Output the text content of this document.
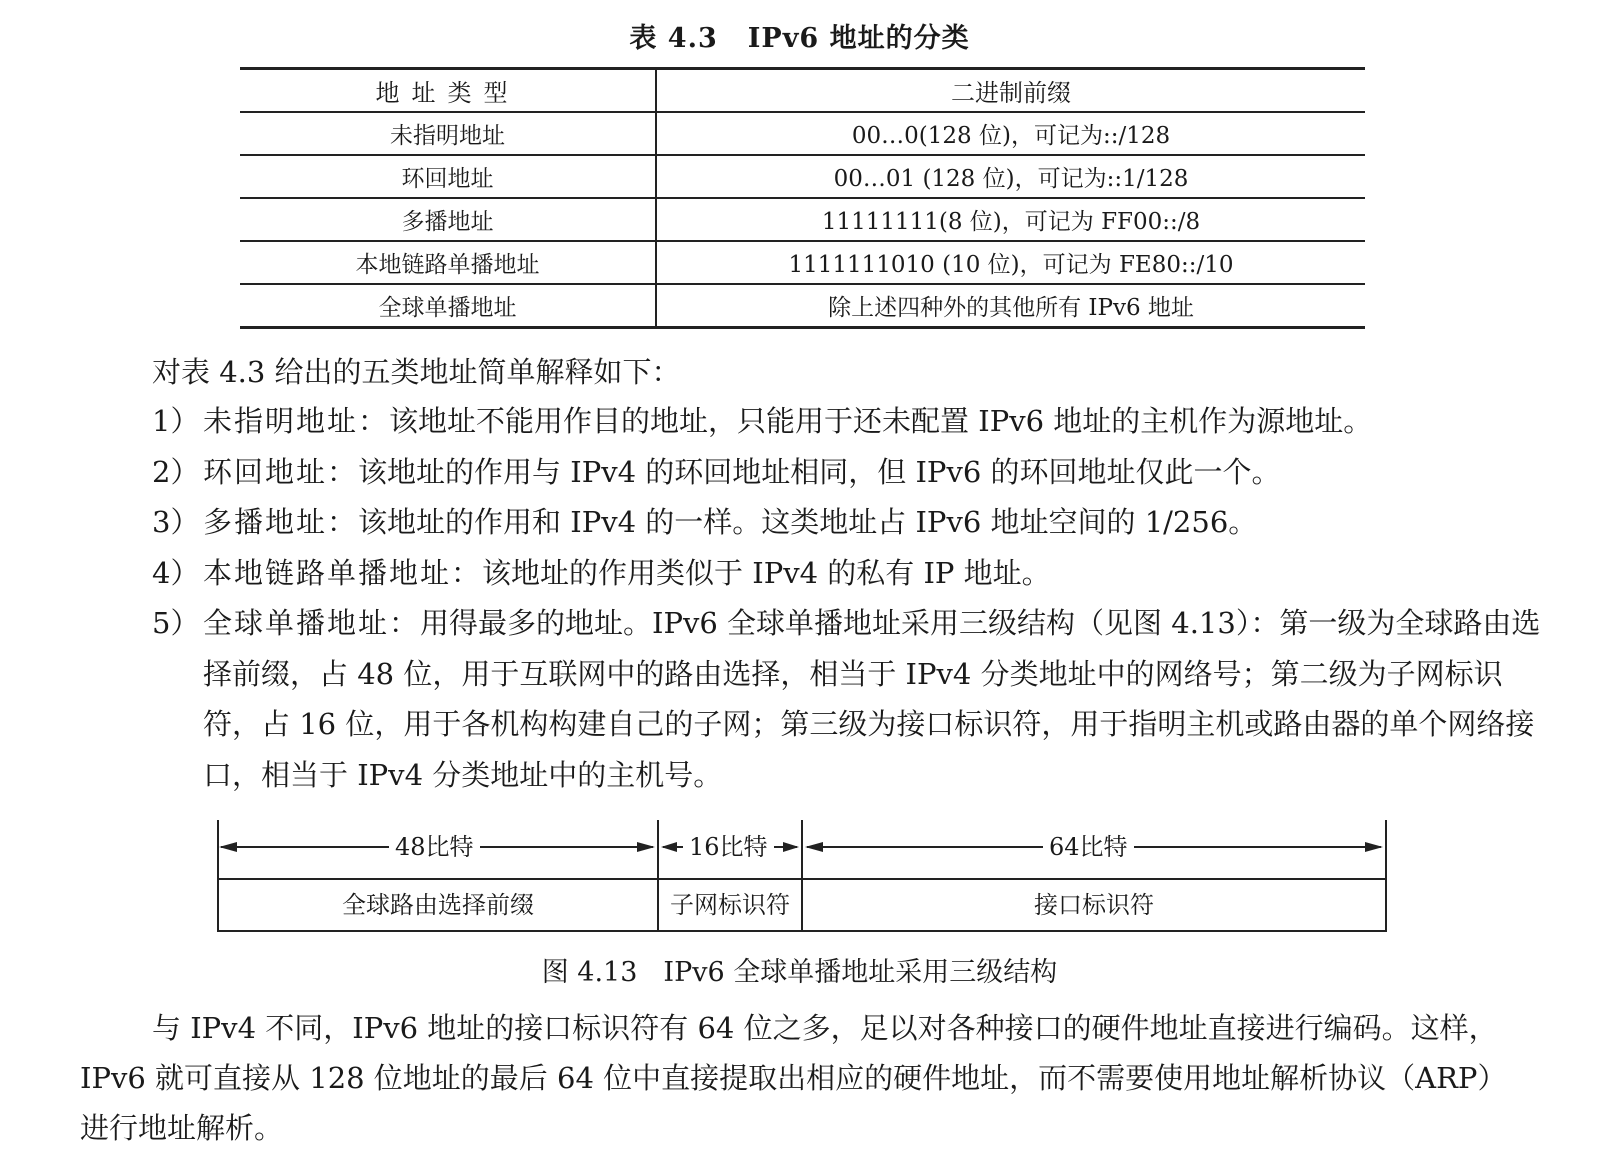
表 4.3 IPv6 地址的分类
地址类型	二进制前缀
未指明地址	00…0(128 位)，可记为::/128
环回地址	00…01 (128 位)，可记为::1/128
多播地址	11111111(8 位)，可记为 FF00::/8
本地链路单播地址	1111111010 (10 位)，可记为 FE80::/10
全球单播地址	除上述四种外的其他所有 IPv6 地址

对表 4.3 给出的五类地址简单解释如下：

1） 未指明地址：该地址不能用作目的地址，只能用于还未配置 IPv6 地址的主机作为源地址。
2） 环回地址：该地址的作用与 IPv4 的环回地址相同，但 IPv6 的环回地址仅此一个。
3） 多播地址：该地址的作用和 IPv4 的一样。这类地址占 IPv6 地址空间的 1/256。
4） 本地链路单播地址：该地址的作用类似于 IPv4 的私有 IP 地址。
5） 全球单播地址：用得最多的地址。IPv6 全球单播地址采用三级结构（见图 4.13）：第一级为全球路由选择前缀，占 48 位，用于互联网中的路由选择，相当于 IPv4 分类地址中的网络号；第二级为子网标识符，占 16 位，用于各机构构建自己的子网；第三级为接口标识符，用于指明主机或路由器的单个网络接口，相当于 IPv4 分类地址中的主机号。
48比特	16比特	64比特
全球路由选择前缀	子网标识符	接口标识符
图 4.13 IPv6 全球单播地址采用三级结构

与 IPv4 不同，IPv6 地址的接口标识符有 64 位之多，足以对各种接口的硬件地址直接进行编码。这样，IPv6 就可直接从 128 位地址的最后 64 位中直接提取出相应的硬件地址，而不需要使用地址解析协议（ARP）进行地址解析。
